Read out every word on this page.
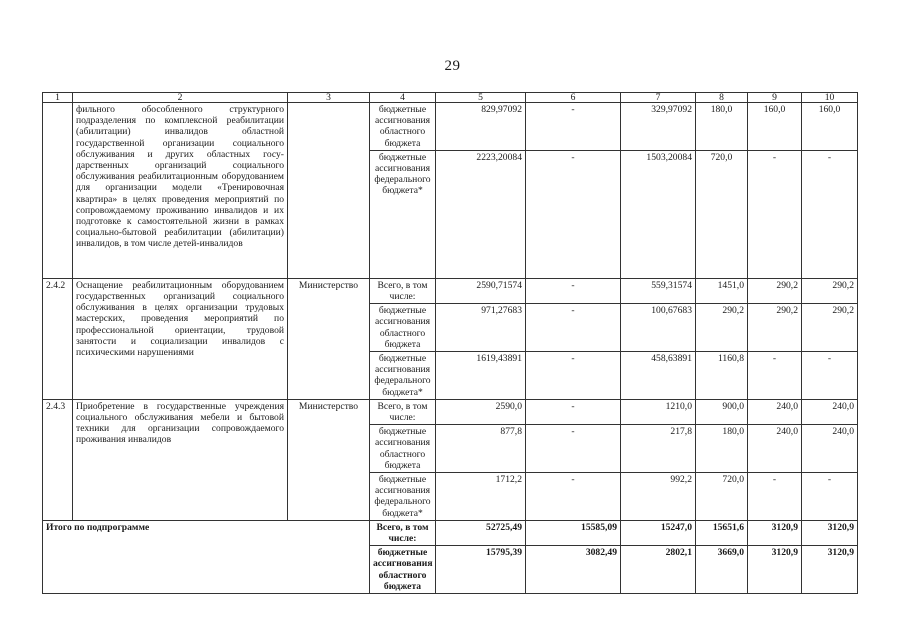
29
1	2	3	4	5	6	7	8	9	10
	фильного обособленного структурного подразделения по комплексной реабилитации (абилитации) инвалидов областной государственной организации социального обслуживания и других областных государственных организаций социального обслуживания реабилитационным оборудованием для организации модели «Тренировочная квартира» в целях проведения мероприятий по сопровождаемому проживанию инвалидов и их подготовке к самостоятельной жизни в рамках социально-бытовой реабилитации (абилитации) инвалидов, в том числе детей-инвалидов		бюджетные ассигнования областного бюджета	829,97092	-	329,97092	180,0	160,0	160,0
			бюджетные ассигнования федерального бюджета*	2223,20084	-	1503,20084	720,0	-	-
2.4.2	Оснащение реабилитационным оборудованием государственных организаций социального обслуживания в целях организации трудовых мастерских, проведения мероприятий по профессиональной ориентации, трудовой занятости и социализации инвалидов с психическими нарушениями	Министерство	Всего, в том числе:	2590,71574	-	559,31574	1451,0	290,2	290,2
			бюджетные ассигнования областного бюджета	971,27683	-	100,67683	290,2	290,2	290,2
			бюджетные ассигнования федерального бюджета*	1619,43891	-	458,63891	1160,8	-	-
2.4.3	Приобретение в государственные учреждения социального обслуживания мебели и бытовой техники для организации сопровождаемого проживания инвалидов	Министерство	Всего, в том числе:	2590,0	-	1210,0	900,0	240,0	240,0
			бюджетные ассигнования областного бюджета	877,8	-	217,8	180,0	240,0	240,0
			бюджетные ассигнования федерального бюджета*	1712,2	-	992,2	720,0	-	-
Итого по подпрограмме			Всего, в том числе:	52725,49	15585,09	15247,0	15651,6	3120,9	3120,9
			бюджетные ассигнования областного бюджета	15795,39	3082,49	2802,1	3669,0	3120,9	3120,9
